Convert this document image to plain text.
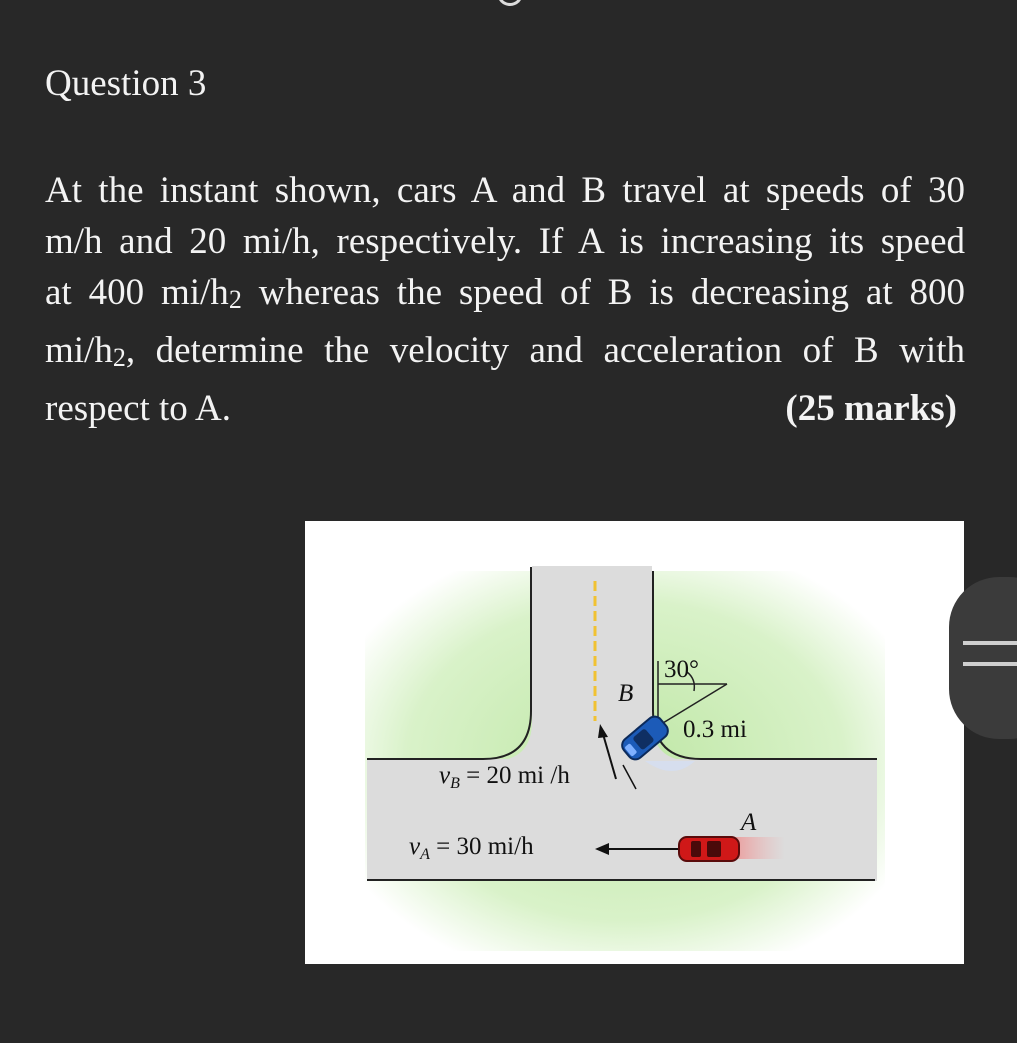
Question 3
At the instant shown, cars A and B travel at speeds of 30
m/h and 20 mi/h, respectively. If A is increasing its speed
at 400 mi/h2 whereas the speed of B is decreasing at 800
mi/h2, determine the velocity and acceleration of B with
respect to A.	(25 marks)
30°
B
0.3 mi
A
$v_B = 20$ mi /h
$v_A = 30$ mi/h
